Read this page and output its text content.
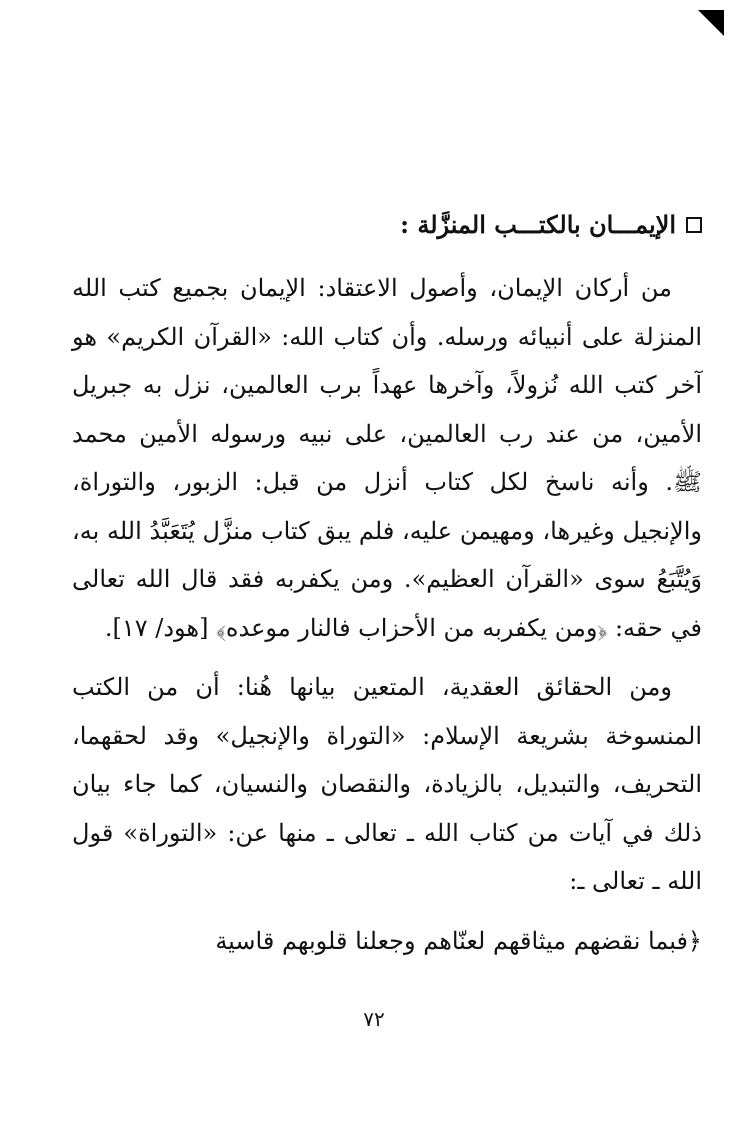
الإيمـــان بالكتـــب المنزَّلة :

من أركان الإيمان، وأصول الاعتقاد: الإيمان بجميع كتب الله المنزلة على أنبيائه ورسله. وأن كتاب الله: «القرآن الكريم» هو آخر كتب الله نُزولاً، وآخرها عهداً برب العالمين، نزل به جبريل الأمين، من عند رب العالمين، على نبيه ورسوله الأمين محمد ﷺ. وأنه ناسخ لكل كتاب أنزل من قبل: الزبور، والتوراة، والإنجيل وغيرها، ومهيمن عليه، فلم يبق كتاب منزَّل يُتَعَبَّدُ الله به، وَيُتَّبَعُ سوى «القرآن العظيم». ومن يكفربه فقد قال الله تعالى في حقه: ﴿ومن يكفربه من الأحزاب فالنار موعده﴾ [هود/ ١٧].

ومن الحقائق العقدية، المتعين بيانها هُنا: أن من الكتب المنسوخة بشريعة الإسلام: «التوراة والإنجيل» وقد لحقهما، التحريف، والتبديل، بالزيادة، والنقصان والنسيان، كما جاء بيان ذلك في آيات من كتاب الله ـ تعالى ـ منها عن: «التوراة» قول الله ـ تعالى ـ:

﴿فبما نقضهم ميثاقهم لعنّاهم وجعلنا قلوبهم قاسية

٧٢
